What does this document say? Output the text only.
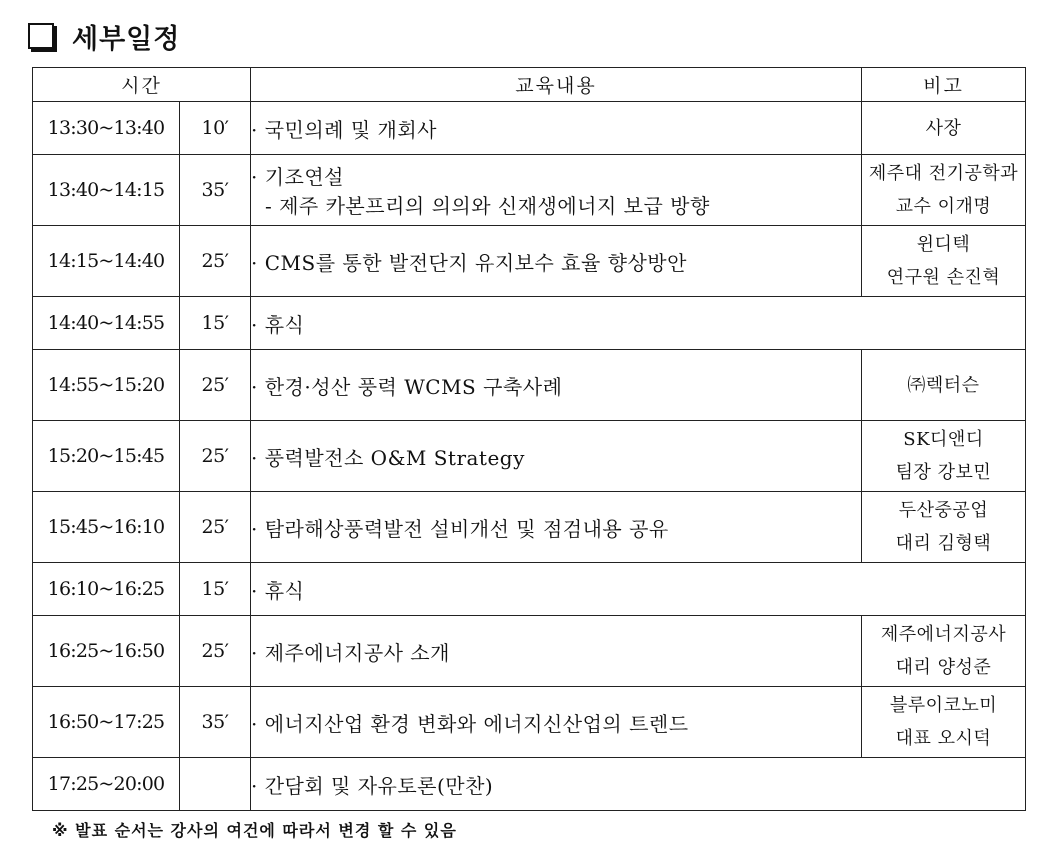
세부일정
시간		교육내용	비고
13:30~13:40	10′	· 국민의례 및 개회사	사장

13:40~14:15	35′	· 기조연설
- 제주 카본프리의 의의와 신재생에너지 보급 방향	제주대 전기공학과
교수 이개명

14:15~14:40	25′	· CMS를 통한 발전단지 유지보수 효율 향상방안	윈디텍
연구원 손진혁

14:40~14:55	15′	· 휴식	
14:55~15:20	25′	· 한경·성산 풍력 WCMS 구축사례	㈜렉터슨

15:20~15:45	25′	· 풍력발전소 O&M Strategy	SK디앤디
팀장 강보민

15:45~16:10	25′	· 탐라해상풍력발전 설비개선 및 점검내용 공유	두산중공업
대리 김형택

16:10~16:25	15′	· 휴식	
16:25~16:50	25′	· 제주에너지공사 소개	제주에너지공사
대리 양성준

16:50~17:25	35′	· 에너지산업 환경 변화와 에너지신산업의 트렌드	블루이코노미
대표 오시덕

17:25~20:00		· 간담회 및 자유토론(만찬)	
※ 발표 순서는 강사의 여건에 따라서 변경 할 수 있음
